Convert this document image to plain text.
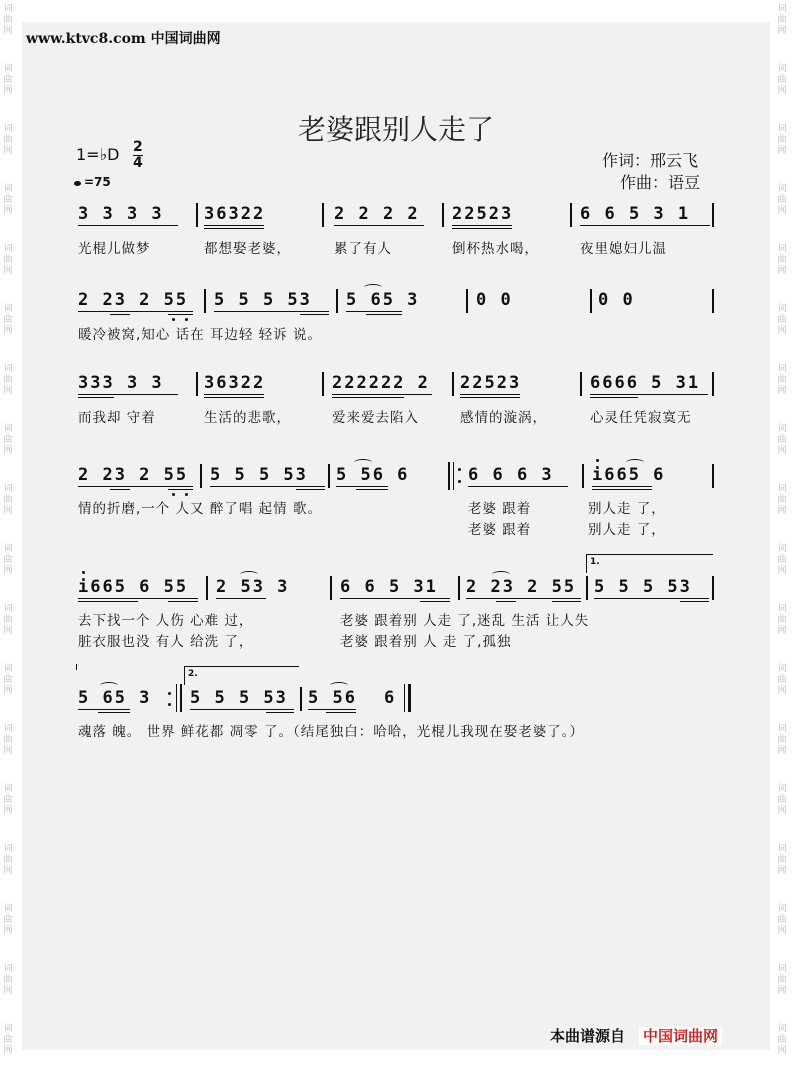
词
曲
网
词
曲
网
词
曲
网
词
曲
网
词
曲
网
词
曲
网
词
曲
网
词
曲
网
词
曲
网
词
曲
网
词
曲
网
词
曲
网
词
曲
网
词
曲
网
词
曲
网
词
曲
网
词
曲
网
词
曲
网
词
曲
网
词
曲
网
词
曲
网
词
曲
网
词
曲
网
词
曲
网
词
曲
网
词
曲
网
词
曲
网
词
曲
网
词
曲
网
词
曲
网
词
曲
网
词
曲
网
词
曲
网
词
曲
网
词
曲
网
词
曲
网
www.ktvc8.com 中国词曲网
老婆跟别人走了
1=♭D 2
4
=75
作词：邢云飞
作曲：语豆
3 3 3 3 36322	2 2 2 2 22523	6 6 5 3 1
光棍儿做梦	都想娶老婆，	累了有人	倒杯热水喝，	夜里媳妇儿温
2 23 2 55 5 5 5 53 5 65 3	0 0	0 0
暖冷被窝,知心 话在 耳边轻 轻诉 说。
333 3 3 36322	222222 2 22523	6666 5 31
而我却 守着	生活的悲歌，	爱来爱去陷入	感情的漩涡，	心灵任凭寂寞无
2 23 2 55 5 5 5 53 5 56 6	6 6 6 3 i665 6
情的折磨,一个 人又 醉了唱 起情 歌。	老婆 跟着	别人走 了，
老婆 跟着	别人走 了，
1.
i665 6 55 2 53 3	6 6 5 31 2 23 2 55 5 5 5 53
去下找一个 人伤 心难 过，	老婆 跟着别 人走 了,迷乱 生活 让人失
脏衣服也没 有人 给洗 了，	老婆 跟着别 人 走 了,孤独
2.
5 65 3 5 5 5 53 5 56 6
魂落 魄。 世界 鲜花都 凋零 了。（结尾独白：哈哈，光棍儿我现在娶老婆了。）
本曲谱源自 中国词曲网
